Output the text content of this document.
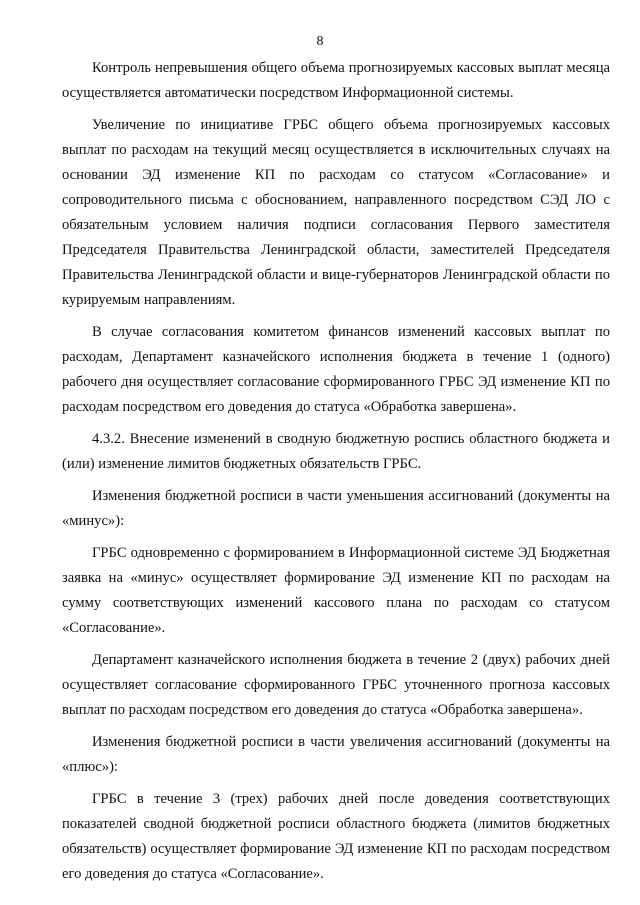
8

Контроль непревышения общего объема прогнозируемых кассовых выплат месяца осуществляется автоматически посредством Информационной системы.

Увеличение по инициативе ГРБС общего объема прогнозируемых кассовых выплат по расходам на текущий месяц осуществляется в исключительных случаях на основании ЭД изменение КП по расходам со статусом «Согласование» и сопроводительного письма с обоснованием, направленного посредством СЭД ЛО с обязательным условием наличия подписи согласования Первого заместителя Председателя Правительства Ленинградской области, заместителей Председателя Правительства Ленинградской области и вице-губернаторов Ленинградской области по курируемым направлениям.

В случае согласования комитетом финансов изменений кассовых выплат по расходам, Департамент казначейского исполнения бюджета в течение 1 (одного) рабочего дня осуществляет согласование сформированного ГРБС ЭД изменение КП по расходам посредством его доведения до статуса «Обработка завершена».

4.3.2. Внесение изменений в сводную бюджетную роспись областного бюджета и (или) изменение лимитов бюджетных обязательств ГРБС.

Изменения бюджетной росписи в части уменьшения ассигнований (документы на «минус»):

ГРБС одновременно с формированием в Информационной системе ЭД Бюджетная заявка на «минус» осуществляет формирование ЭД изменение КП по расходам на сумму соответствующих изменений кассового плана по расходам со статусом «Согласование».

Департамент казначейского исполнения бюджета в течение 2 (двух) рабочих дней осуществляет согласование сформированного ГРБС уточненного прогноза кассовых выплат по расходам посредством его доведения до статуса «Обработка завершена».

Изменения бюджетной росписи в части увеличения ассигнований (документы на «плюс»):

ГРБС в течение 3 (трех) рабочих дней после доведения соответствующих показателей сводной бюджетной росписи областного бюджета (лимитов бюджетных обязательств) осуществляет формирование ЭД изменение КП по расходам посредством его доведения до статуса «Согласование».
